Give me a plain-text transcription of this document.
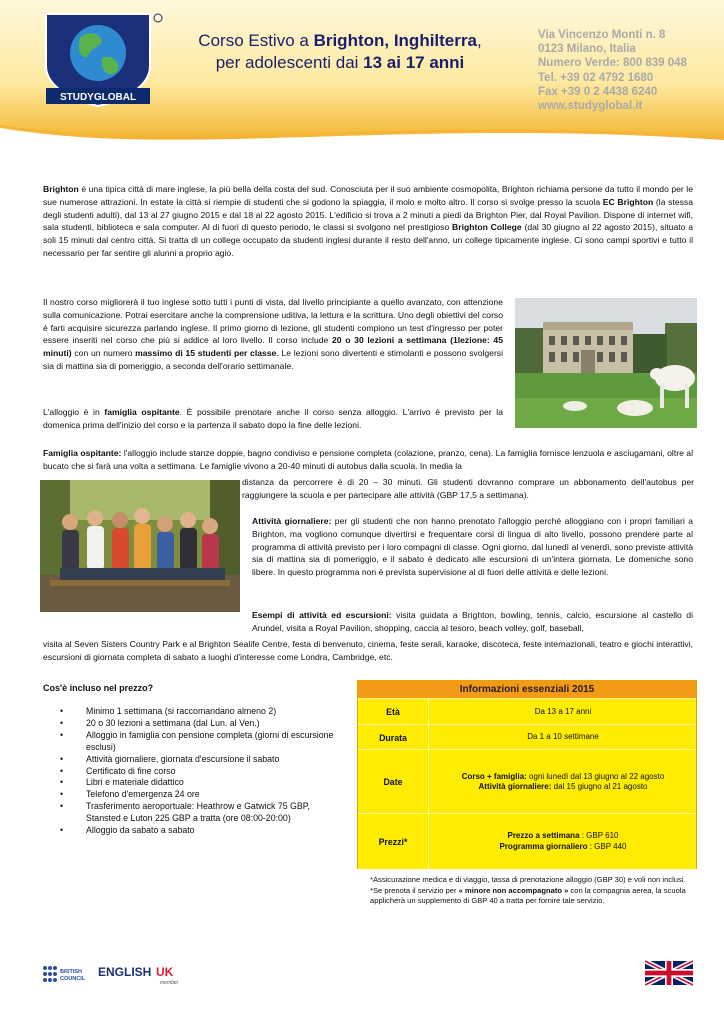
STUDYGLOBAL
Corso Estivo a Brighton, Inghilterra,
per adolescenti dai 13 ai 17 anni
Via Vincenzo Monti n. 8
0123 Milano, Italia
Numero Verde: 800 839 048
Tel. +39 02 4792 1680
Fax +39 0 2 4438 6240
www.studyglobal.it
Brighton è una tipica città di mare inglese, la più bella della costa del sud. Conosciuta per il suo ambiente cosmopolita, Brighton richiama persone da tutto il mondo per le sue numerose attrazioni. In estate la città si riempie di studenti che si godono la spiaggia, il molo e molto altro. Il corso si svolge presso la scuola EC Brighton (la stessa degli studenti adulti), dal 13 al 27 giugno 2015 e dal 18 al 22 agosto 2015. L'edificio si trova a 2 minuti a piedi da Brighton Pier, dal Royal Pavilion. Dispone di internet wifi, sala studenti, biblioteca e sala computer. Al di fuori di questo periodo, le classi si svolgono nel prestigioso Brighton College (dal 30 giugno al 22 agosto 2015), situato a soli 15 minuti dal centro città. Si tratta di un college occupato da studenti inglesi durante il resto dell'anno, un college tipicamente inglese. Ci sono campi sportivi e tutto il necessario per far sentire gli alunni a proprio agio.
Il nostro corso migliorerà il tuo inglese sotto tutti i punti di vista, dal livello principiante a quello avanzato, con attenzione sulla comunicazione. Potrai esercitare anche la comprensione uditiva, la lettura e la scrittura. Uno degli obiettivi del corso è farti acquisire sicurezza parlando inglese. Il primo giorno di lezione, gli studenti compiono un test d'ingresso per poter essere inseriti nel corso che più si addice al loro livello. Il corso include 20 o 30 lezioni a settimana (1lezione: 45 minuti) con un numero massimo di 15 studenti per classe. Le lezioni sono divertenti e stimolanti e possono svolgersi sia di mattina sia di pomeriggio, a seconda dell'orario settimanale.
L'alloggio è in famiglia ospitante. È possibile prenotare anche il corso senza alloggio. L'arrivo è previsto per la domenica prima dell'inizio del corso e la partenza il sabato dopo la fine delle lezioni.
Famiglia ospitante: l'alloggio include stanze doppie, bagno condiviso e pensione completa (colazione, pranzo, cena). La famiglia fornisce lenzuola e asciugamani, oltre al bucato che si farà una volta a settimana. Le famiglie vivono a 20-40 minuti di autobus dalla scuola. In media la
distanza da percorrere è di 20 – 30 minuti. Gli studenti dovranno comprare un abbonamento dell'autobus per raggiungere la scuola e per partecipare alle attività (GBP 17,5 a settimana).
Attività giornaliere: per gli studenti che non hanno prenotato l'alloggio perché alloggiano con i propri familiari a Brighton, ma vogliono comunque divertirsi e frequentare corsi di lingua di alto livello, possono prendere parte al programma di attività previsto per i loro compagni di classe. Ogni giorno, dal lunedì al venerdì, sono previste attività sia di mattina sia di pomeriggio, e il sabato è dedicato alle escursioni di un'intera giornata. Le domeniche sono libere. In questo programma non è prevista supervisione al di fuori delle attività e delle lezioni.
Esempi di attività ed escursioni: visita guidata a Brighton, bowling, tennis, calcio, escursione al castello di Arundel, visita a Royal Pavilion, shopping, caccia al tesoro, beach volley, golf, baseball,
visita al Seven Sisters Country Park e al Brighton Sealife Centre, festa di benvenuto, cinema, feste serali, karaoke, discoteca, feste internazionali, teatro e giochi interattivi, escursioni di giornata completa di sabato a luoghi d'interesse come Londra, Cambridge, etc.
Cos'è incluso nel prezzo?
• Minimo 1 settimana (si raccomandano almeno 2)
• 20 o 30 lezioni a settimana (dal Lun. al Ven.)
• Alloggio in famiglia con pensione completa (giorni di escursione esclusi)
• Attività giornaliere, giornata d'escursione il sabato
• Certificato di fine corso
• Libri e materiale didattico
• Telefono d'emergenza 24 ore
• Trasferimento aeroportuale: Heathrow e Gatwick 75 GBP, Stansted e Luton 225 GBP a tratta (ore 08:00-20:00)
• Alloggio da sabato a sabato
Informazioni essenziali 2015
Età	Da 13 a 17 anni
Durata	Da 1 a 10 settimane
Date
Corso + famiglia: ogni lunedì dal 13 giugno al 22 agosto
Attività giornaliere: dal 15 giugno al 21 agosto
Prezzi*
Prezzo a settimana : GBP 610
Programma giornaliero : GBP 440
*Assicurazione medica e di viaggio, tassa di prenotazione alloggio (GBP 30) e voli non inclusi.
*Se prenota il servizio per « minore non accompagnato » con la compagnia aerea, la scuola applicherà un supplemento di GBP 40 a tratta per fornire tale servizio.
BRITISH
COUNCIL ENGLISH UK
member
